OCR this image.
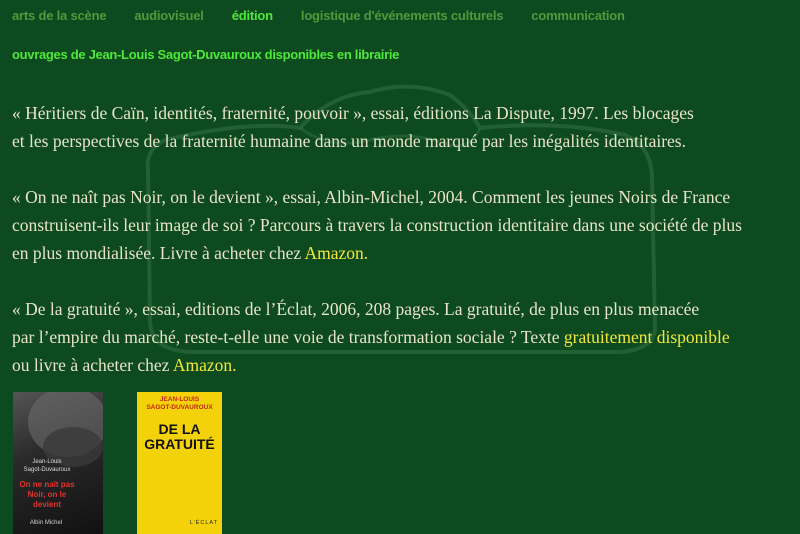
arts de la scène audiovisuel édition logistique d'événements culturels communication
ouvrages de Jean-Louis Sagot-Duvauroux disponibles en librairie

« Héritiers de Caïn, identités, fraternité, pouvoir », essai, éditions La Dispute, 1997. Les blocages
et les perspectives de la fraternité humaine dans un monde marqué par les inégalités identitaires.

« On ne naît pas Noir, on le devient », essai, Albin-Michel, 2004. Comment les jeunes Noirs de France
construisent-ils leur image de soi ? Parcours à travers la construction identitaire dans une société de plus
en plus mondialisée. Livre à acheter chez Amazon.

« De la gratuité », essai, editions de l’Éclat, 2006, 208 pages. La gratuité, de plus en plus menacée
par l’empire du marché, reste-t-elle une voie de transformation sociale ? Texte gratuitement disponible
ou livre à acheter chez Amazon.

Jean-Louis
Sagot-Duvauroux
On ne naît pas Noir, on le devient
Albin Michel
JEAN-LOUIS
SAGOT-DUVAUROUX
DE LA
GRATUITÉ
L’ÉCLAT
